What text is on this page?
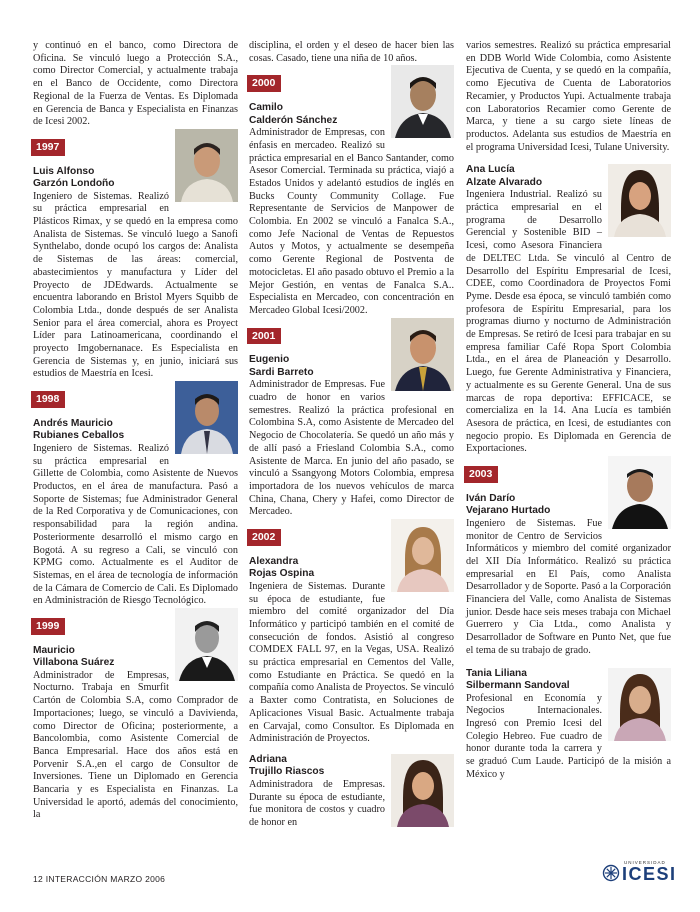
y continuó en el banco, como Directora de Oficina. Se vinculó luego a Protección S.A., como Director Comercial, y actualmente trabaja en el Banco de Occidente, como Directora Regional de la Fuerza de Ventas. Es Diplomada en Gerencia de Banca y Especialista en Finanzas de Icesi 2002.

1997
Luis Alfonso
Garzón Londoño

Ingeniero de Sistemas. Realizó su práctica empresarial en Plásticos Rimax, y se quedó en la empresa como Analista de Sistemas. Se vinculó luego a Sanofi Synthelabo, donde ocupó los cargos de: Analista de Sistemas de las áreas: comercial, abastecimientos y manufactura y Líder del Proyecto de JDEdwards. Actualmente se encuentra laborando en Bristol Myers Squibb de Colombia Ltda., donde después de ser Analista Senior para el área comercial, ahora es Proyect Líder para Latinoamericana, coordinando el proyecto Imgobernanace. Es Especialista en Gerencia de Sistemas y, en junio, iniciará sus estudios de Maestría en Icesi.

1998
Andrés Mauricio
Rubianes Ceballos

Ingeniero de Sistemas. Realizó su práctica empresarial en Gillette de Colombia, como Asistente de Nuevos Productos, en el área de manufactura. Pasó a Soporte de Sistemas; fue Administrador General de la Red Corporativa y de Comunicaciones, con responsabilidad para la región andina. Posteriormente desarrolló el mismo cargo en Bogotá. A su regreso a Cali, se vinculó con KPMG como. Actualmente es el Auditor de Sistemas, en el área de tecnología de información de la Cámara de Comercio de Cali. Es Diplomado en Administración de Riesgo Tecnológico.

1999
Mauricio
Villabona Suárez

Administrador de Empresas, Nocturno. Trabaja en Smurfit Cartón de Colombia S.A, como Comprador de Importaciones; luego, se vinculó a Davivienda, como Director de Oficina; posteriormente, a Bancolombia, como Asistente Comercial de Banca Empresarial. Hace dos años está en Porvenir S.A.,en el cargo de Consultor de Inversiones. Tiene un Diplomado en Gerencia Bancaria y es Especialista en Finanzas. La Universidad le aportó, además del conocimiento, la

disciplina, el orden y el deseo de hacer bien las cosas. Casado, tiene una niña de 10 años.

2000
Camilo
Calderón Sánchez

Administrador de Empresas, con énfasis en mercadeo. Realizó su práctica empresarial en el Banco Santander, como Asesor Comercial. Terminada su práctica, viajó a Estados Unidos y adelantó estudios de inglés en Bucks County Community Collage. Fue Representante de Servicios de Manpower de Colombia. En 2002 se vinculó a Fanalca S.A., como Jefe Nacional de Ventas de Repuestos Autos y Motos, y actualmente se desempeña como Gerente Regional de Postventa de motocicletas. El año pasado obtuvo el Premio a la Mejor Gestión, en ventas de Fanalca S.A.. Especialista en Mercadeo, con concentración en Mercadeo Global Icesi/2002.

2001
Eugenio
Sardi Barreto

Administrador de Empresas. Fue cuadro de honor en varios semestres. Realizó la práctica profesional en Colombina S.A, como Asistente de Mercadeo del Negocio de Chocolatería. Se quedó un año más y de allí pasó a Friesland Colombia S.A., como Asistente de Marca. En junio del año pasado, se vinculó a Ssangyong Motors Colombia, empresa importadora de los nuevos vehículos de marca China, Chana, Chery y Hafei, como Director de Mercadeo.

2002
Alexandra
Rojas Ospina

Ingeniera de Sistemas. Durante su época de estudiante, fue miembro del comité organizador del Día Informático y participó también en el comité de consecución de fondos. Asistió al congreso COMDEX FALL 97, en la Vegas, USA. Realizó su práctica empresarial en Cementos del Valle, como Estudiante en Práctica. Se quedó en la compañía como Analista de Proyectos. Se vinculó a Baxter como Contratista, en Soluciones de Aplicaciones Visual Basic. Actualmente trabaja en Carvajal, como Consultor. Es Diplomada en Administración de Proyectos.

Adriana
Trujillo Riascos

Administradora de Empresas. Durante su época de estudiante, fue monitora de costos y cuadro de honor en

varios semestres. Realizó su práctica empresarial en DDB World Wide Colombia, como Asistente Ejecutiva de Cuenta, y se quedó en la compañía, como Ejecutiva de Cuenta de Laboratorios Recamier, y Productos Yupi. Actualmente trabaja con Laboratorios Recamier como Gerente de Marca, y tiene a su cargo siete líneas de productos. Adelanta sus estudios de Maestría en el programa Universidad Icesi, Tulane University.

Ana Lucía
Alzate Alvarado

Ingeniera Industrial. Realizó su práctica empresarial en el programa de Desarrollo Gerencial y Sostenible BID – Icesi, como Asesora Financiera de DELTEC Ltda. Se vinculó al Centro de Desarrollo del Espíritu Empresarial de Icesi, CDEE, como Coordinadora de Proyectos Fomi Pyme. Desde esa época, se vinculó también como profesora de Espíritu Empresarial, para los programas diurno y nocturno de Administración de Empresas. Se retiró de Icesi para trabajar en su empresa familiar Café Ropa Sport Colombia Ltda., en el área de Planeación y Desarrollo. Luego, fue Gerente Administrativa y Financiera, y actualmente es su Gerente General. Una de sus marcas de ropa deportiva: EFFICACE, se comercializa en la 14. Ana Lucía es también Asesora de práctica, en Icesi, de estudiantes con negocio propio. Es Diplomada en Gerencia de Exportaciones.

2003
Iván Darío
Vejarano Hurtado

Ingeniero de Sistemas. Fue monitor de Centro de Servicios Informáticos y miembro del comité organizador del XII Día Informático. Realizó su práctica empresarial en El País, como Analista Desarrollador y de Soporte. Pasó a la Corporación Financiera del Valle, como Analista de Sistemas junior. Desde hace seis meses trabaja con Michael Guerrero y Cia Ltda., como Analista y Desarrollador de Software en Punto Net, que fue el tema de su trabajo de grado.

Tania Liliana
Silbermann Sandoval

Profesional en Economía y Negocios Internacionales. Ingresó con Premio Icesi del Colegio Hebreo. Fue cuadro de honor durante toda la carrera y se graduó Cum Laude. Participó de la misión a México y

12 INTERACCIÓN MARZO 2006
UNIVERSIDAD
ICESI
